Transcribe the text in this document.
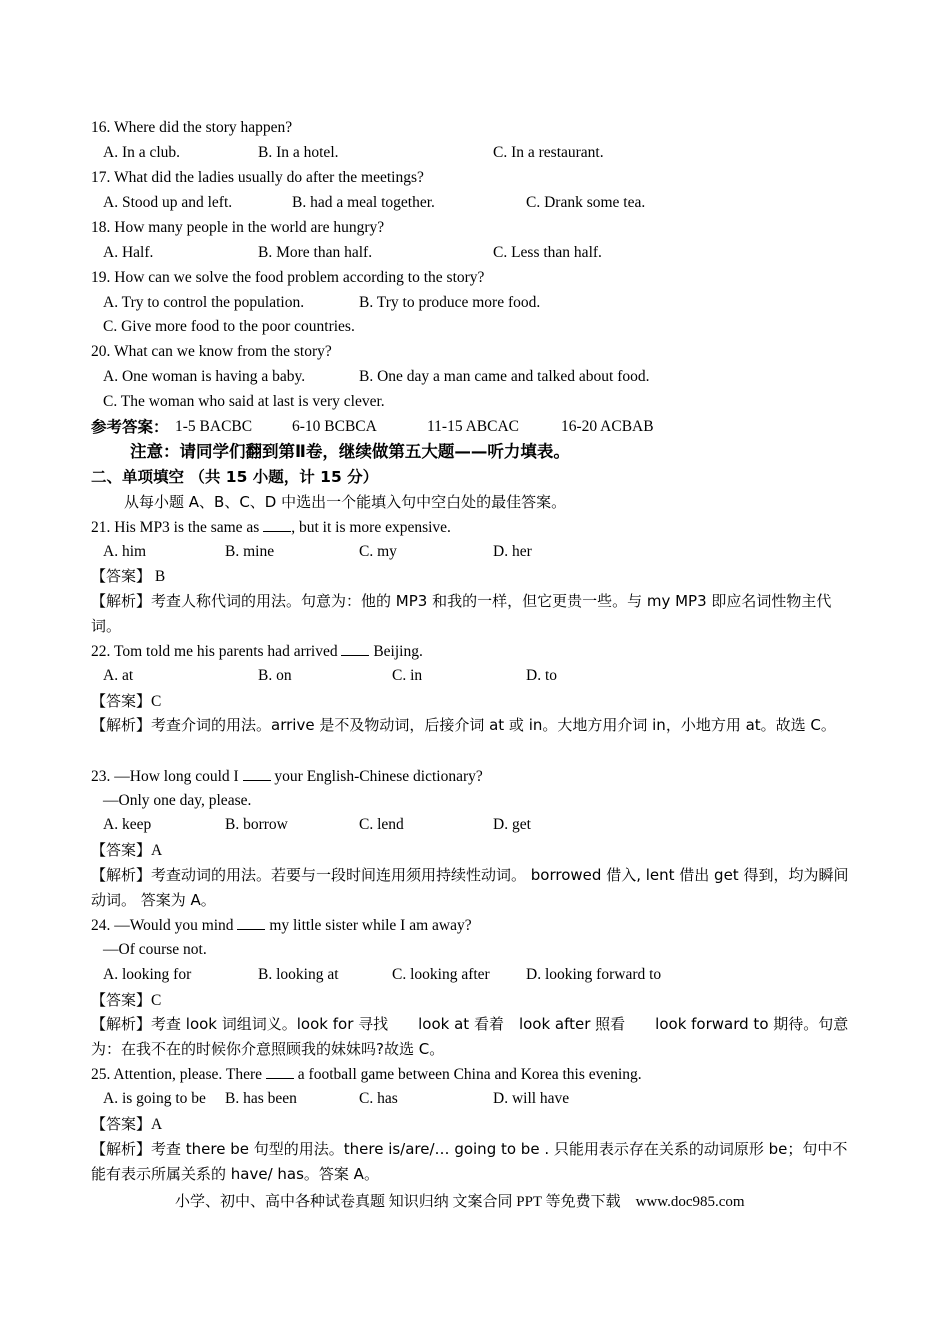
16. Where did the story happen?
A. In a club.	B. In a hotel.	C. In a restaurant.
17. What did the ladies usually do after the meetings?
A. Stood up and left.	B. had a meal together.	C. Drank some tea.
18. How many people in the world are hungry?
A. Half.	B. More than half.	C. Less than half.
19. How can we solve the food problem according to the story?
A. Try to control the population.	B. Try to produce more food.
C. Give more food to the poor countries.
20. What can we know from the story?
A. One woman is having a baby.	B. One day a man came and talked about food.
C. The woman who said at last is very clever.
参考答案： 1-5 BACBC	6-10 BCBCA	11-15 ABCAC	16-20 ACBAB
注意：请同学们翻到第Ⅱ卷，继续做第五大题——听力填表。
二、单项填空 （共 15 小题，计 15 分）
从每小题 A、B、C、D 中选出一个能填入句中空白处的最佳答案。
21. His MP3 is the same as , but it is more expensive.
A. him	B. mine	C. my	D. her
【答案】 B
【解析】考查人称代词的用法。句意为：他的 MP3 和我的一样，但它更贵一些。与 my MP3 即应名词性物主代词。
22. Tom told me his parents had arrived  Beijing.
A. at	B. on	C. in	D. to
【答案】C
【解析】考查介词的用法。arrive 是不及物动词，后接介词 at 或 in。大地方用介词 in，小地方用 at。故选 C。
23. —How long could I  your English-Chinese dictionary?
—Only one day, please.
A. keep	B. borrow	C. lend	D. get
【答案】A
【解析】考查动词的用法。若要与一段时间连用须用持续性动词。 borrowed 借入, lent 借出 get 得到，均为瞬间动词。 答案为 A。
24. —Would you mind  my little sister while I am away?
—Of course not.
A. looking for	B. looking at	C. looking after D. looking forward to
【答案】C
【解析】考查 look 词组词义。look for 寻找　　look at 看着　look after 照看　　look forward to 期待。句意为：在我不在的时候你介意照顾我的妹妹吗?故选 C。
25. Attention, please. There  a football game between China and Korea this evening.
A. is going to be B. has been	C. has	D. will have
【答案】A
【解析】考查 there be 句型的用法。there is/are/… going to be . 只能用表示存在关系的动词原形 be；句中不能有表示所属关系的 have/ has。答案 A。
小学、初中、高中各种试卷真题 知识归纳 文案合同 PPT 等免费下载　www.doc985.com
